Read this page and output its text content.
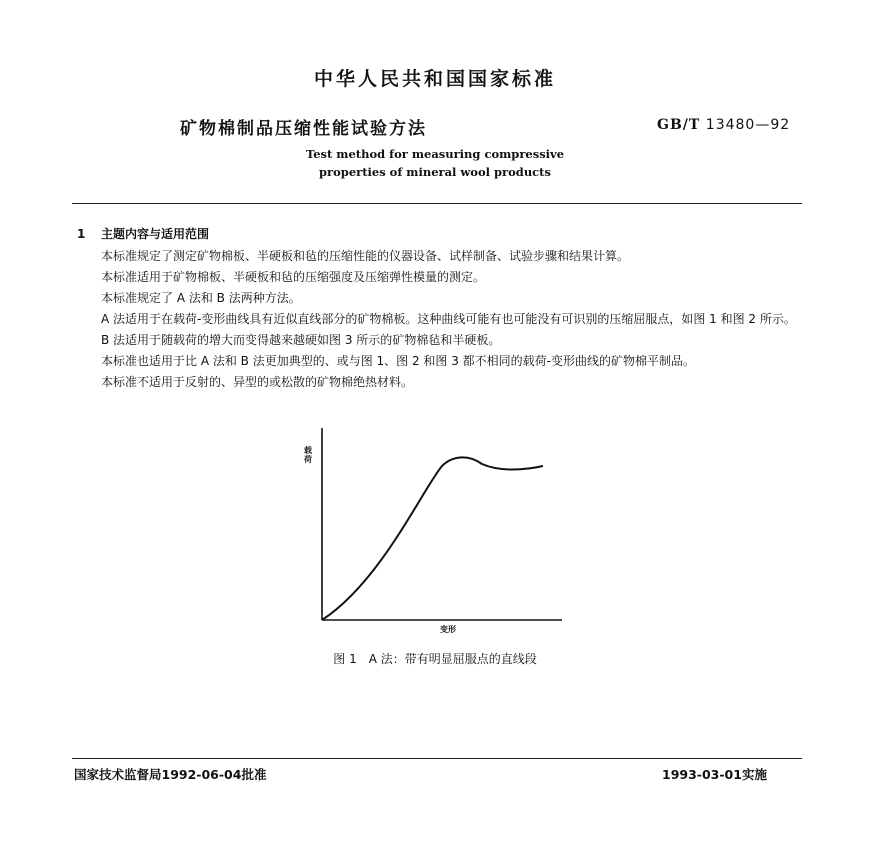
中华人民共和国国家标准
矿物棉制品压缩性能试验方法	GB/T 13480—92
Test method for measuring compressive
properties of mineral wool products
1 主题内容与适用范围

本标准规定了测定矿物棉板、半硬板和毡的压缩性能的仪器设备、试样制备、试验步骤和结果计算。

本标准适用于矿物棉板、半硬板和毡的压缩强度及压缩弹性模量的测定。

本标准规定了 A 法和 B 法两种方法。

A 法适用于在载荷-变形曲线具有近似直线部分的矿物棉板。这种曲线可能有也可能没有可识别的压缩屈服点，如图 1 和图 2 所示。

B 法适用于随载荷的增大而变得越来越硬如图 3 所示的矿物棉毡和半硬板。

本标准也适用于比 A 法和 B 法更加典型的、或与图 1、图 2 和图 3 都不相同的载荷-变形曲线的矿物棉平制品。

本标准不适用于反射的、异型的或松散的矿物棉绝热材料。

载荷
变形
图 1　A 法：带有明显屈服点的直线段
国家技术监督局1992-06-04批准	1993-03-01实施
